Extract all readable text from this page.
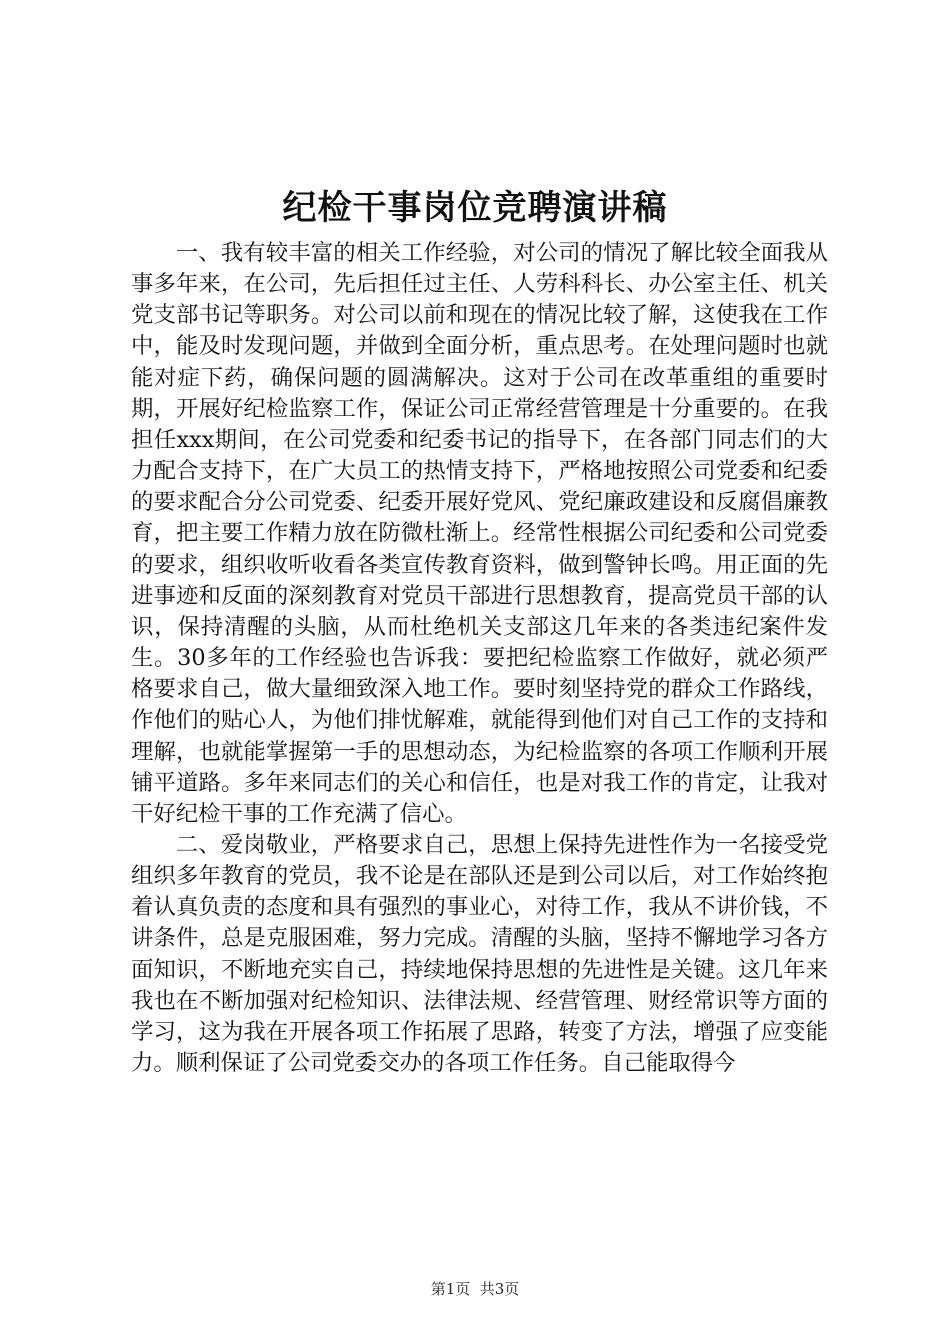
纪检干事岗位竞聘演讲稿

一、我有较丰富的相关工作经验，对公司的情况了解比较全面我从事多年来，在公司，先后担任过主任、人劳科科长、办公室主任、机关党支部书记等职务。对公司以前和现在的情况比较了解，这使我在工作中，能及时发现问题，并做到全面分析，重点思考。在处理问题时也就能对症下药，确保问题的圆满解决。这对于公司在改革重组的重要时期，开展好纪检监察工作，保证公司正常经营管理是十分重要的。在我担任xxx期间，在公司党委和纪委书记的指导下，在各部门同志们的大力配合支持下，在广大员工的热情支持下，严格地按照公司党委和纪委的要求配合分公司党委、纪委开展好党风、党纪廉政建设和反腐倡廉教育，把主要工作精力放在防微杜渐上。经常性根据公司纪委和公司党委的要求，组织收听收看各类宣传教育资料，做到警钟长鸣。用正面的先进事迹和反面的深刻教育对党员干部进行思想教育，提高党员干部的认识，保持清醒的头脑，从而杜绝机关支部这几年来的各类违纪案件发生。30多年的工作经验也告诉我：要把纪检监察工作做好，就必须严格要求自己，做大量细致深入地工作。要时刻坚持党的群众工作路线，作他们的贴心人，为他们排忧解难，就能得到他们对自己工作的支持和理解，也就能掌握第一手的思想动态，为纪检监察的各项工作顺利开展铺平道路。多年来同志们的关心和信任，也是对我工作的肯定，让我对干好纪检干事的工作充满了信心。

二、爱岗敬业，严格要求自己，思想上保持先进性作为一名接受党组织多年教育的党员，我不论是在部队还是到公司以后，对工作始终抱着认真负责的态度和具有强烈的事业心，对待工作，我从不讲价钱，不讲条件，总是克服困难，努力完成。清醒的头脑，坚持不懈地学习各方面知识，不断地充实自己，持续地保持思想的先进性是关键。这几年来我也在不断加强对纪检知识、法律法规、经营管理、财经常识等方面的学习，这为我在开展各项工作拓展了思路，转变了方法，增强了应变能力。顺利保证了公司党委交办的各项工作任务。自己能取得今

第1页  共3页
